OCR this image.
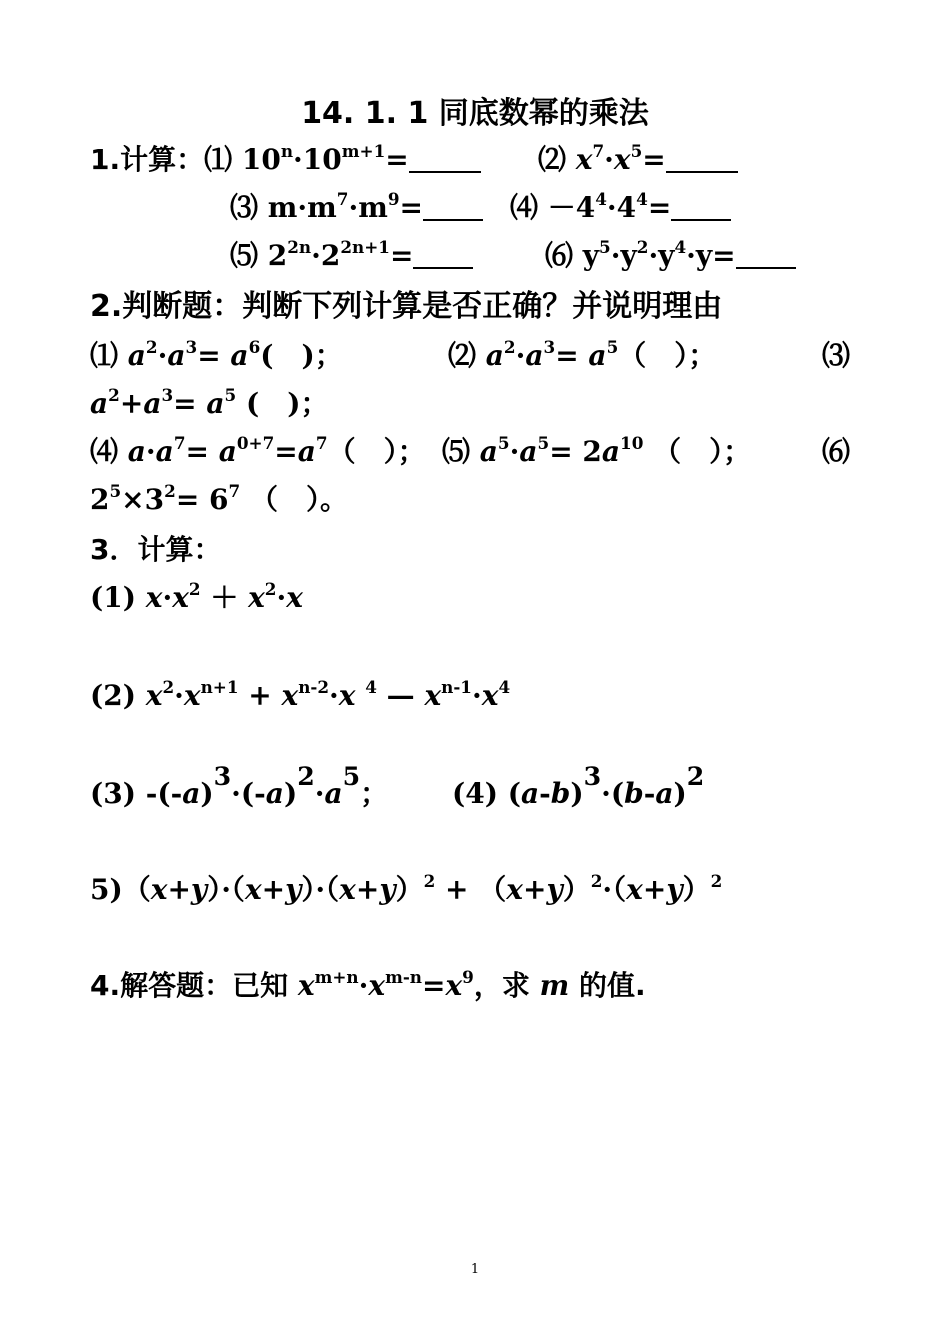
14. 1. 1 同底数幂的乘法
1.计算：⑴ $10^n\cdot 10^{m+1}=$	⑵ $x^7\cdot x^5=$
⑶ $m\cdot m^7\cdot m^9=$	⑷ $-4^4\cdot 4^4=$
⑸ $2^{2n}\cdot 2^{2n+1}=$	⑹ $y^5\cdot y^2\cdot y^4\cdot y=$
2.判断题：判断下列计算是否正确？并说明理由
⑴ $a^2\cdot a^3= a^6$(　)；	⑵ $a^2\cdot a^3= a^5$（　）；	⑶
$a^2+a^3= a^5$ (　)；
⑷ $a\cdot a^7= a^{0+7}=a^7$（　）； ⑸ $a^5\cdot a^5= 2a^{10}$ （　）；	⑹
$2^5\times 3^2= 6^7$ （　）。
3．计算：
(1) $x\cdot x^2 + x^2\cdot x$
(2) $x^2\cdot x^{n+1} + x^{n-2}\cdot x$ $^4$ — $x^{n-1}\cdot x^4$
(3) $-(-a)^3\cdot(-a)^2\cdot a^5$； (4) $(a-b)^3\cdot(b-a)^2$
$5)(x+y)\cdot(x+y)\cdot(x+y)^2 + (x+y)^2\cdot(x+y)^2$
4.解答题：已知 $x^{m+n}\cdot x^{m-n}=x^9$，求 m 的值.
1
